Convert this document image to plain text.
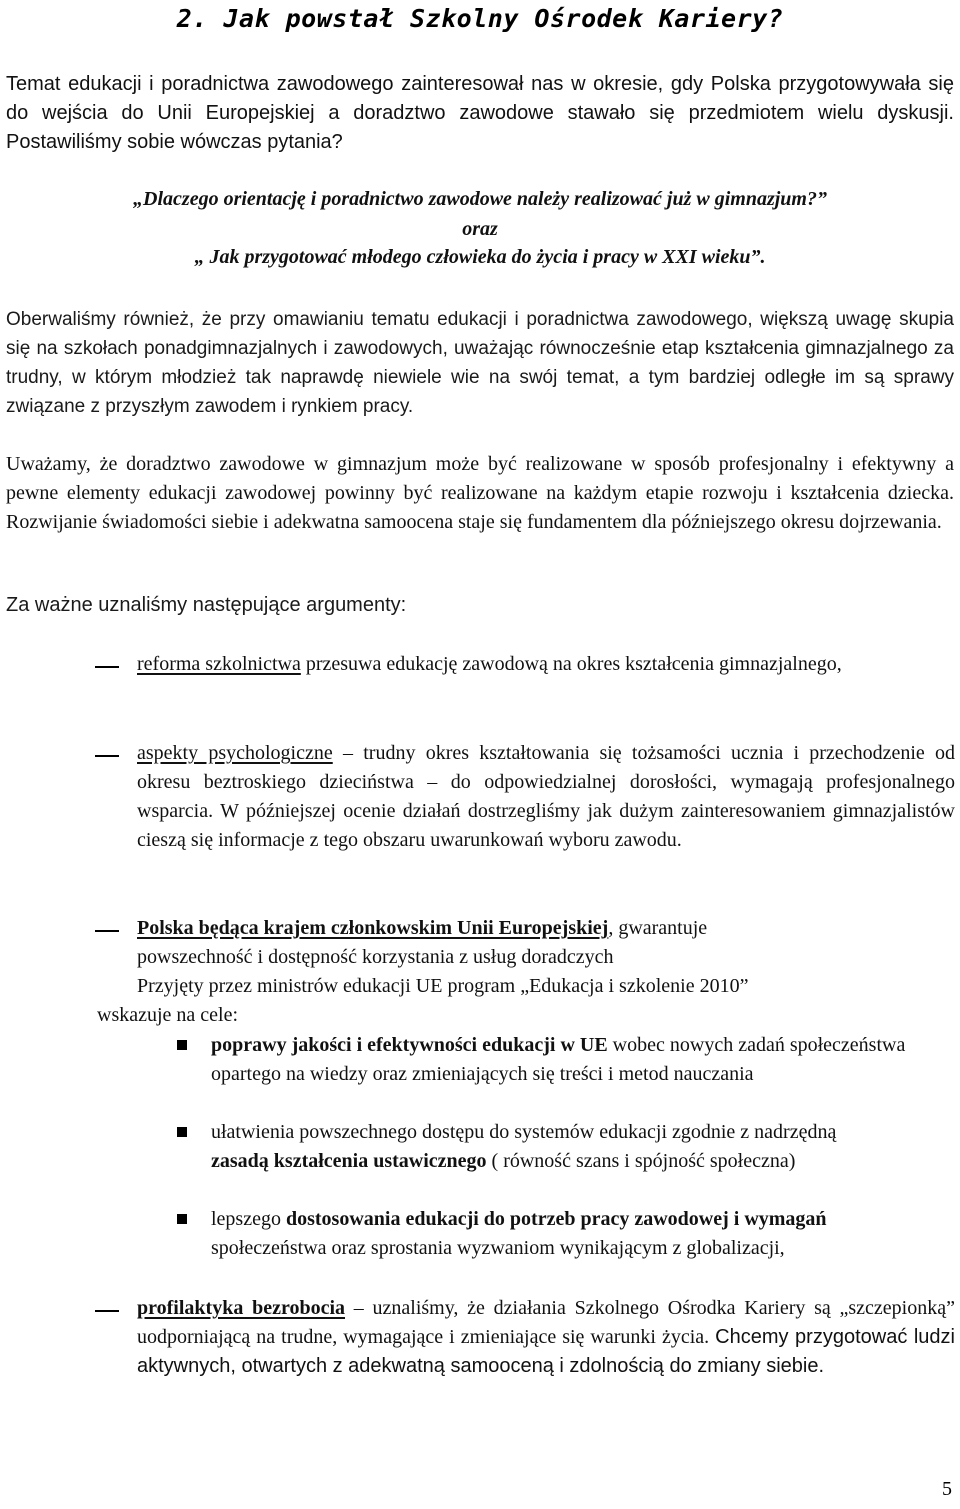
2. Jak powstał Szkolny Ośrodek Kariery?

Temat edukacji i poradnictwa zawodowego zainteresował nas w okresie, gdy Polska przygotowywała się do wejścia do Unii Europejskiej a doradztwo zawodowe stawało się przedmiotem wielu dyskusji. Postawiliśmy sobie wówczas pytania?

„Dlaczego orientację i poradnictwo zawodowe należy realizować już w gimnazjum?”

oraz

„ Jak przygotować młodego człowieka do życia i pracy w XXI wieku”.

Oberwaliśmy również, że przy omawianiu tematu edukacji i poradnictwa zawodowego, większą uwagę skupia się na szkołach ponadgimnazjalnych i zawodowych, uważając równocześnie etap kształcenia gimnazjalnego za trudny, w którym młodzież tak naprawdę niewiele wie na swój temat, a tym bardziej odległe im są sprawy związane z przyszłym zawodem i rynkiem pracy.

Uważamy, że doradztwo zawodowe w gimnazjum może być realizowane w sposób profesjonalny i efektywny a pewne elementy edukacji zawodowej powinny być realizowane na każdym etapie rozwoju i kształcenia dziecka. Rozwijanie świadomości siebie i adekwatna samoocena staje się fundamentem dla późniejszego okresu dojrzewania.

Za ważne uznaliśmy następujące argumenty:

reforma szkolnictwa przesuwa edukację zawodową na okres kształcenia gimnazjalnego,
aspekty psychologiczne – trudny okres kształtowania się tożsamości ucznia i przechodzenie od okresu beztroskiego dzieciństwa – do odpowiedzialnej dorosłości, wymagają profesjonalnego wsparcia. W późniejszej ocenie działań dostrzegliśmy jak dużym zainteresowaniem gimnazjalistów cieszą się informacje z tego obszaru uwarunkowań wyboru zawodu.
Polska będąca krajem członkowskim Unii Europejskiej, gwarantuje
powszechność i dostępność korzystania z usług doradczych
Przyjęty przez ministrów edukacji UE program „Edukacja i szkolenie 2010”
wskazuje na cele:
poprawy jakości i efektywności edukacji w UE wobec nowych zadań społeczeństwa opartego na wiedzy oraz zmieniających się treści i metod nauczania
ułatwienia powszechnego dostępu do systemów edukacji zgodnie z nadrzędną zasadą kształcenia ustawicznego ( równość szans i spójność społeczna)
lepszego dostosowania edukacji do potrzeb pracy zawodowej i wymagań społeczeństwa oraz sprostania wyzwaniom wynikającym z globalizacji,
profilaktyka bezrobocia – uznaliśmy, że działania Szkolnego Ośrodka Kariery są „szczepionką” uodporniającą na trudne, wymagające i zmieniające się warunki życia. Chcemy przygotować ludzi aktywnych, otwartych z adekwatną samooceną i zdolnością do zmiany siebie.
5
